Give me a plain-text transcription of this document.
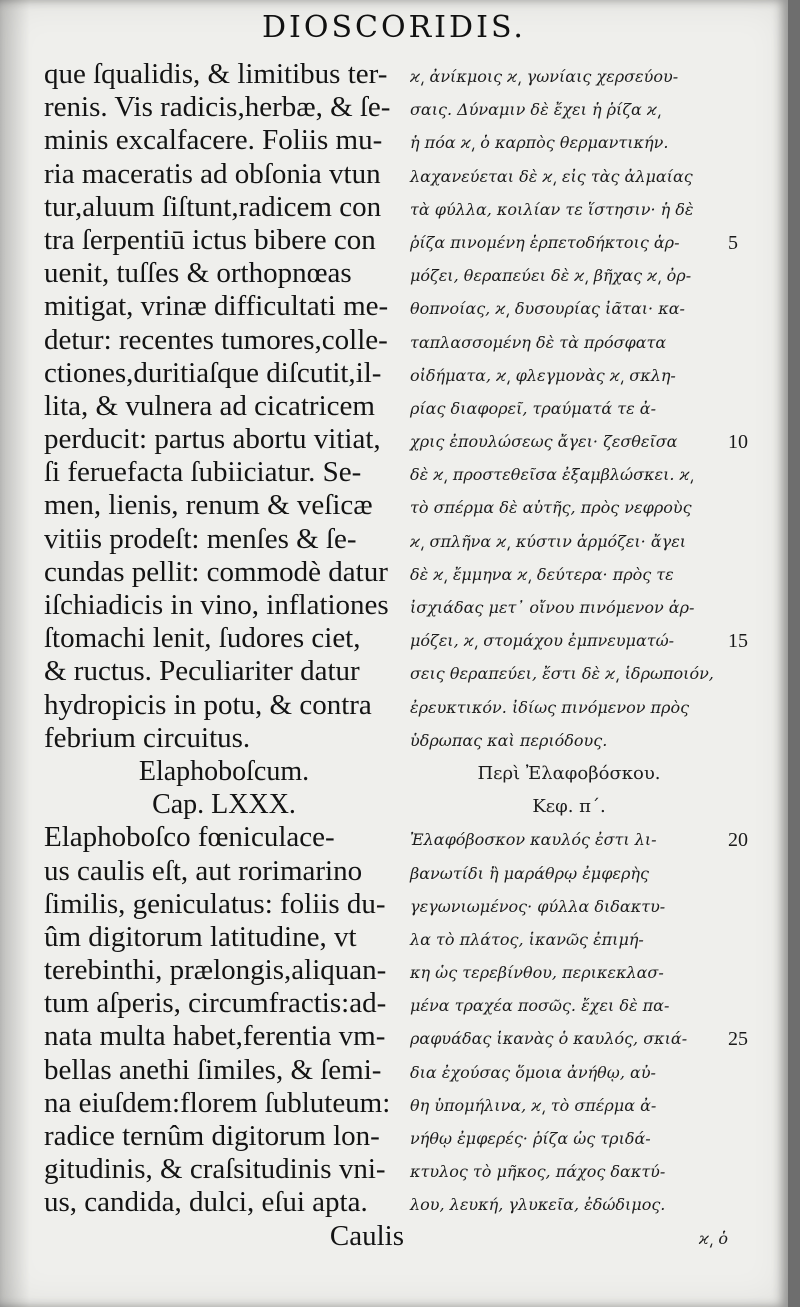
DIOSCORIDIS.
que ſqualidis, & limitibus ter-
renis. Vis radicis,herbæ, & ſe-
minis excalfacere. Foliis mu-
ria maceratis ad obſonia vtun
tur,aluum ſiſtunt,radicem con
tra ſerpentiū ictus bibere con
uenit, tuſſes & orthopnœas
mitigat, vrinæ difficultati me-
detur: recentes tumores,colle-
ctiones,duritiaſque diſcutit,il-
lita, & vulnera ad cicatricem
perducit: partus abortu vitiat,
ſi feruefacta ſubiiciatur. Se-
men, lienis, renum & veſicæ
vitiis prodeſt: menſes & ſe-
cundas pellit: commodè datur
iſchiadicis in vino, inflationes
ſtomachi lenit, ſudores ciet,
& ructus. Peculiariter datur
hydropicis in potu, & contra
febrium circuitus.
Elaphoboſcum.
Cap. LXXX.
Elaphoboſco fœniculace-
us caulis eſt, aut rorimarino
ſimilis, geniculatus: foliis du-
ûm digitorum latitudine, vt
terebinthi, prælongis,aliquan-
tum aſperis, circumfractis:ad-
nata multa habet,ferentia vm-
bellas anethi ſimiles, & ſemi-
na eiuſdem:florem ſubluteum:
radice ternûm digitorum lon-
gitudinis, & craſsitudinis vni-
us, candida, dulci, eſui apta.
Caulis
ϰ͵ ἀνίκμοις ϰ͵ γωνίαις χερσεύου-
σαις. Δύναμιν δὲ ἔχει ἡ ῥίζα ϰ͵
ἡ πόα ϰ͵ ὁ καρπὸς θερμαντικήν.
λαχανεύεται δὲ ϰ͵ εἰς τὰς ἀλμαίας
τὰ φύλλα, κοιλίαν τε ἵστησιν· ἡ δὲ
ῥίζα πινομένη ἑρπετοδήκτοις ἁρ-
μόζει, θεραπεύει δὲ ϰ͵ βῆχας ϰ͵ ὀρ-
θοπνοίας, ϰ͵ δυσουρίας ἰᾶται· κα-
ταπλασσομένη δὲ τὰ πρόσφατα
οἰδήματα, ϰ͵ φλεγμονὰς ϰ͵ σκλη-
ρίας διαφορεῖ, τραύματά τε ἀ-
χρις ἐπουλώσεως ἄγει· ζεσθεῖσα
δὲ ϰ͵ προστεθεῖσα ἐξαμβλώσκει. ϰ͵
τὸ σπέρμα δὲ αὐτῆς, πρὸς νεφροὺς
ϰ͵ σπλῆνα ϰ͵ κύστιν ἁρμόζει· ἄγει
δὲ ϰ͵ ἔμμηνα ϰ͵ δεύτερα· πρὸς τε
ἰσχιάδας μετ᾽ οἴνου πινόμενον ἁρ-
μόζει, ϰ͵ στομάχου ἐμπνευματώ-
σεις θεραπεύει, ἔστι δὲ ϰ͵ ἱδρωποιόν,
ἐρευκτικόν. ἰδίως πινόμενον πρὸς
ὑδρωπας καὶ περιόδους.
Περὶ Ἐλαφοβόσκου.
Κεφ. π΄.
Ἐλαφόβοσκον καυλός ἐστι λι-
βανωτίδι ἢ μαράθρῳ ἐμφερὴς
γεγωνιωμένος· φύλλα διδακτυ-
λα τὸ πλάτος, ἱκανῶς ἐπιμή-
κη ὡς τερεβίνθου, περικεκλασ-
μένα τραχέα ποσῶς. ἔχει δὲ πα-
ραφυάδας ἱκανὰς ὁ καυλός, σκιά-
δια ἐχούσας ὅμοια ἀνήθῳ, αὐ-
θη ὑπομήλινα, ϰ͵ τὸ σπέρμα ἀ-
νήθῳ ἐμφερές· ῥίζα ὡς τριδά-
κτυλος τὸ μῆκος, πάχος δακτύ-
λου, λευκή, γλυκεῖα, ἐδώδιμος.
ϰ͵ ὁ
5
10
15
20
25
